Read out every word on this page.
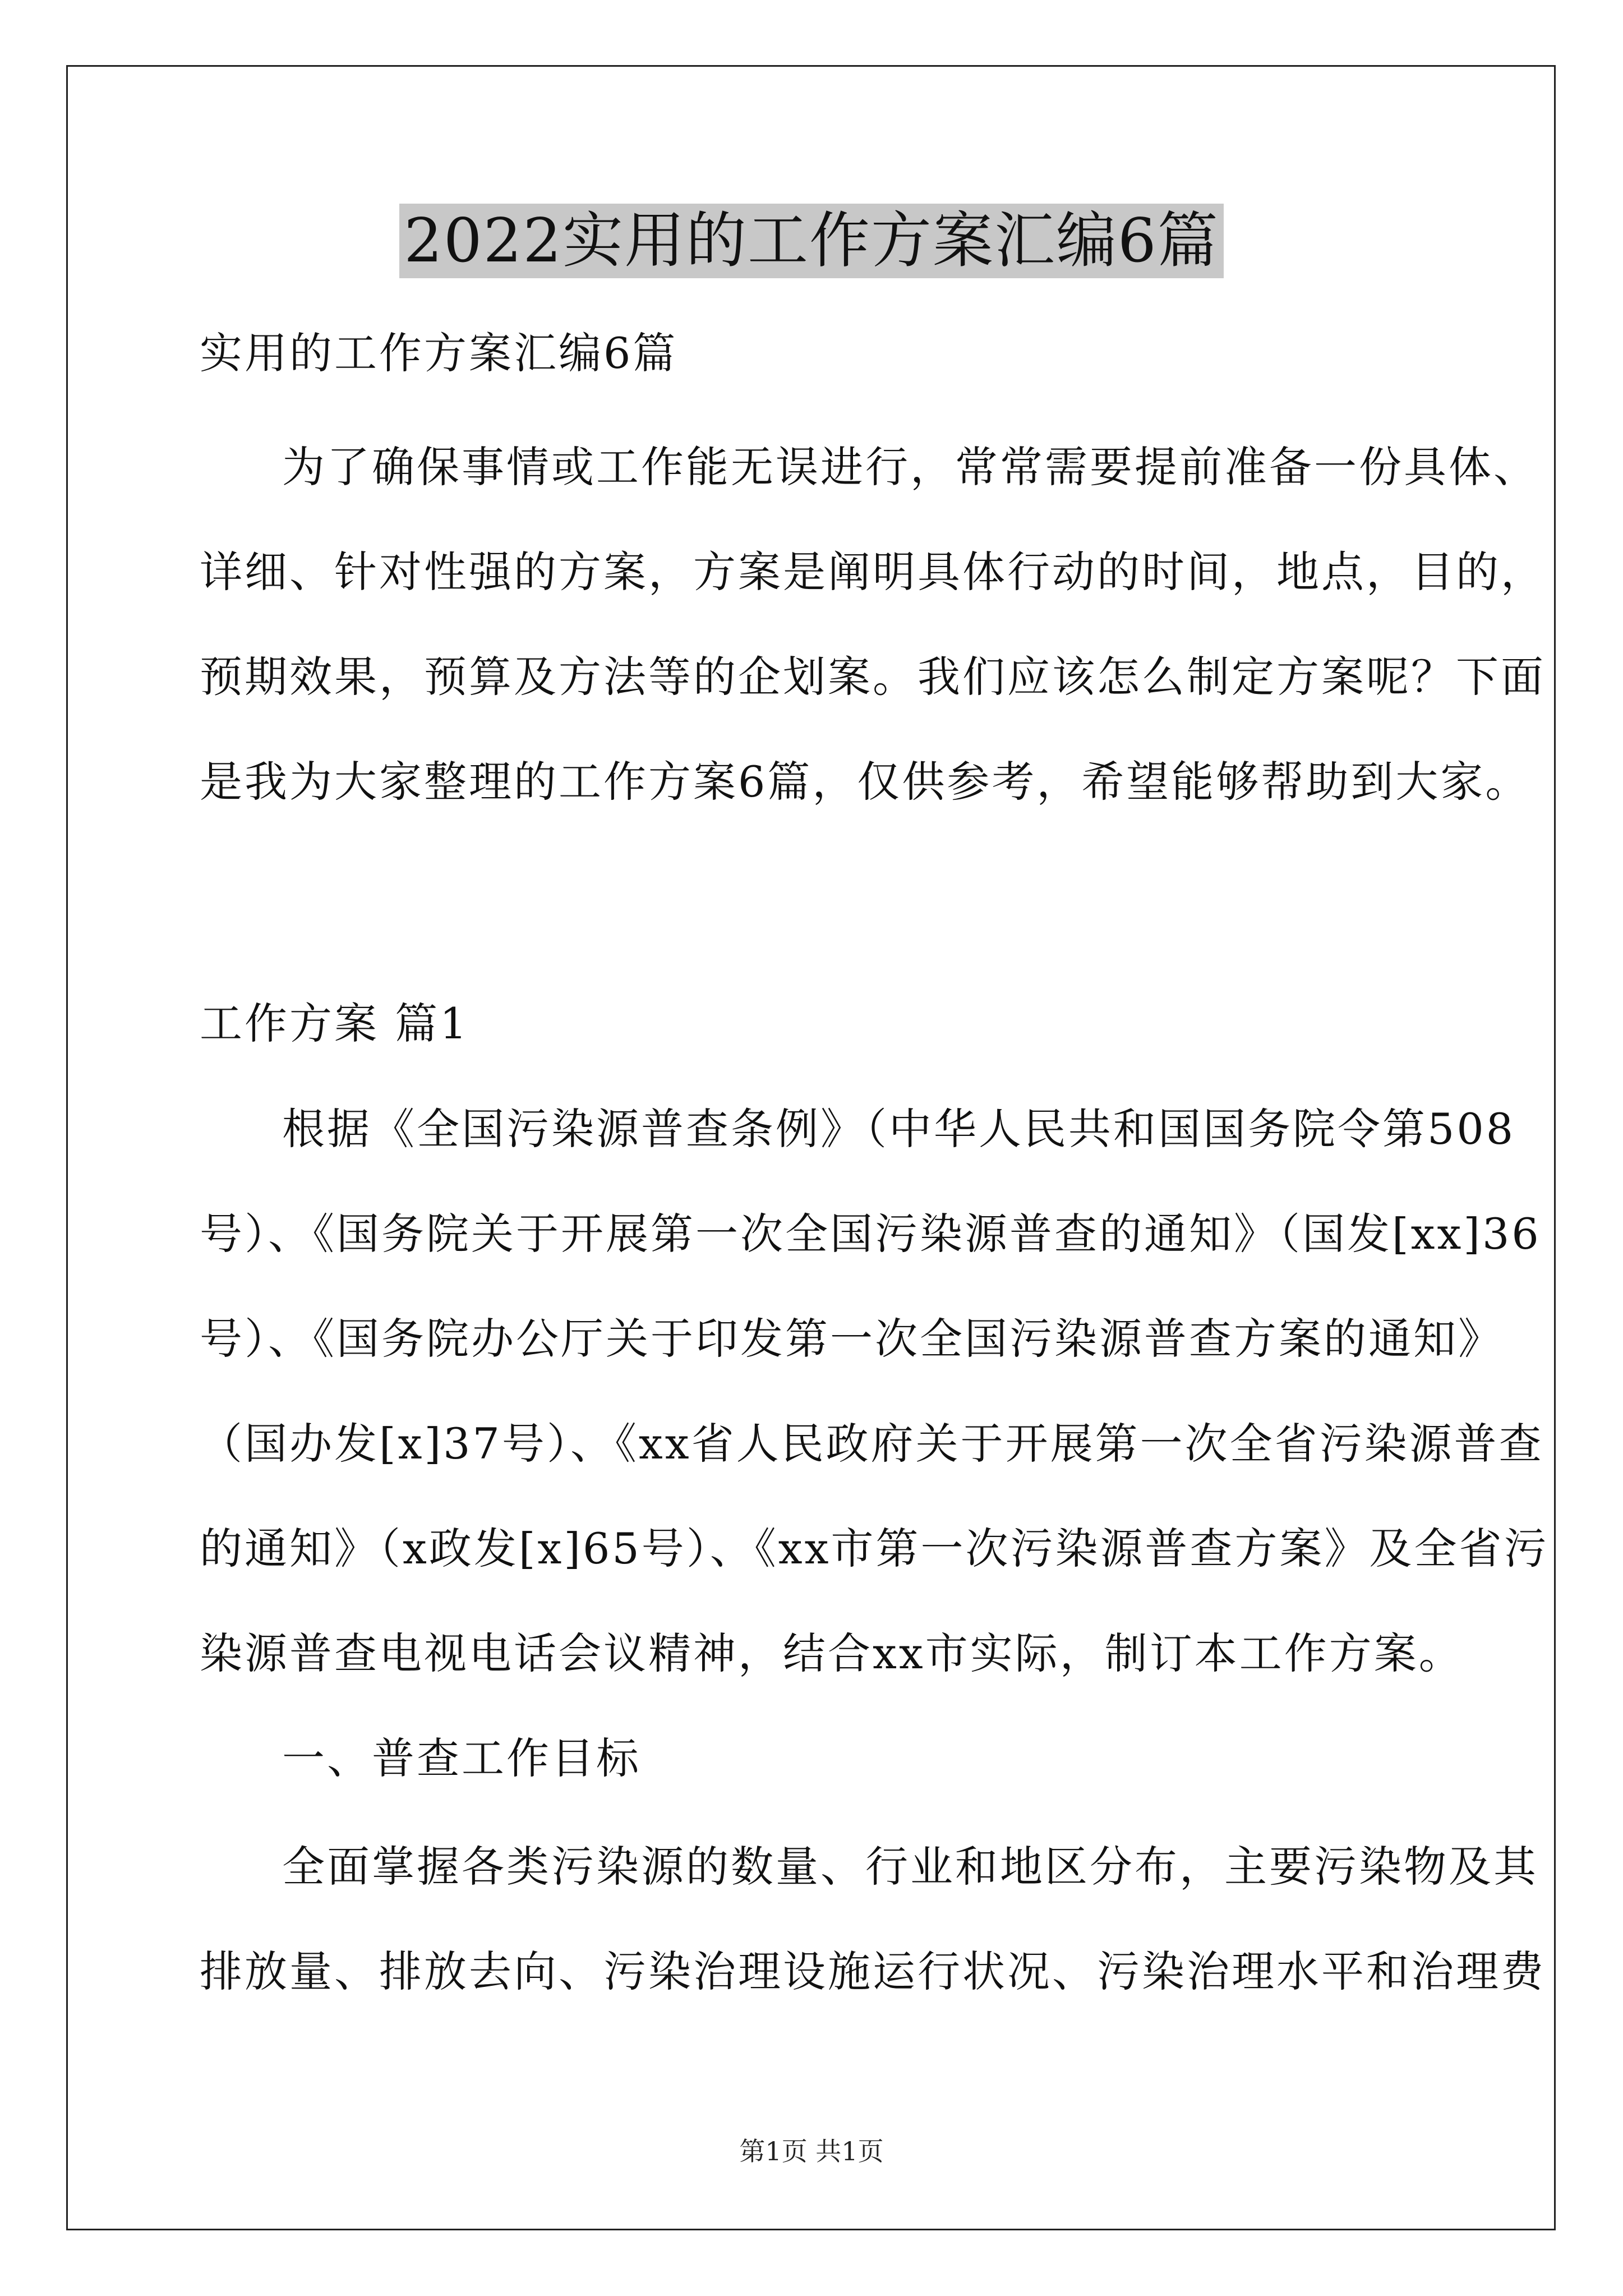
2022实用的工作方案汇编6篇
实用的工作方案汇编6篇
为了确保事情或工作能无误进行，常常需要提前准备一份具体、
详细、针对性强的方案，方案是阐明具体行动的时间，地点，目的，
预期效果，预算及方法等的企划案。我们应该怎么制定方案呢？下面
是我为大家整理的工作方案6篇，仅供参考，希望能够帮助到大家。
工作方案 篇1
根据《全国污染源普查条例》（中华人民共和国国务院令第508
号）、《国务院关于开展第一次全国污染源普查的通知》（国发[xx]36
号）、《国务院办公厅关于印发第一次全国污染源普查方案的通知》
（国办发[x]37号）、《xx省人民政府关于开展第一次全省污染源普查
的通知》（x政发[x]65号）、《xx市第一次污染源普查方案》及全省污
染源普查电视电话会议精神，结合xx市实际，制订本工作方案。
一、普查工作目标
全面掌握各类污染源的数量、行业和地区分布，主要污染物及其
排放量、排放去向、污染治理设施运行状况、污染治理水平和治理费
第1页 共1页
